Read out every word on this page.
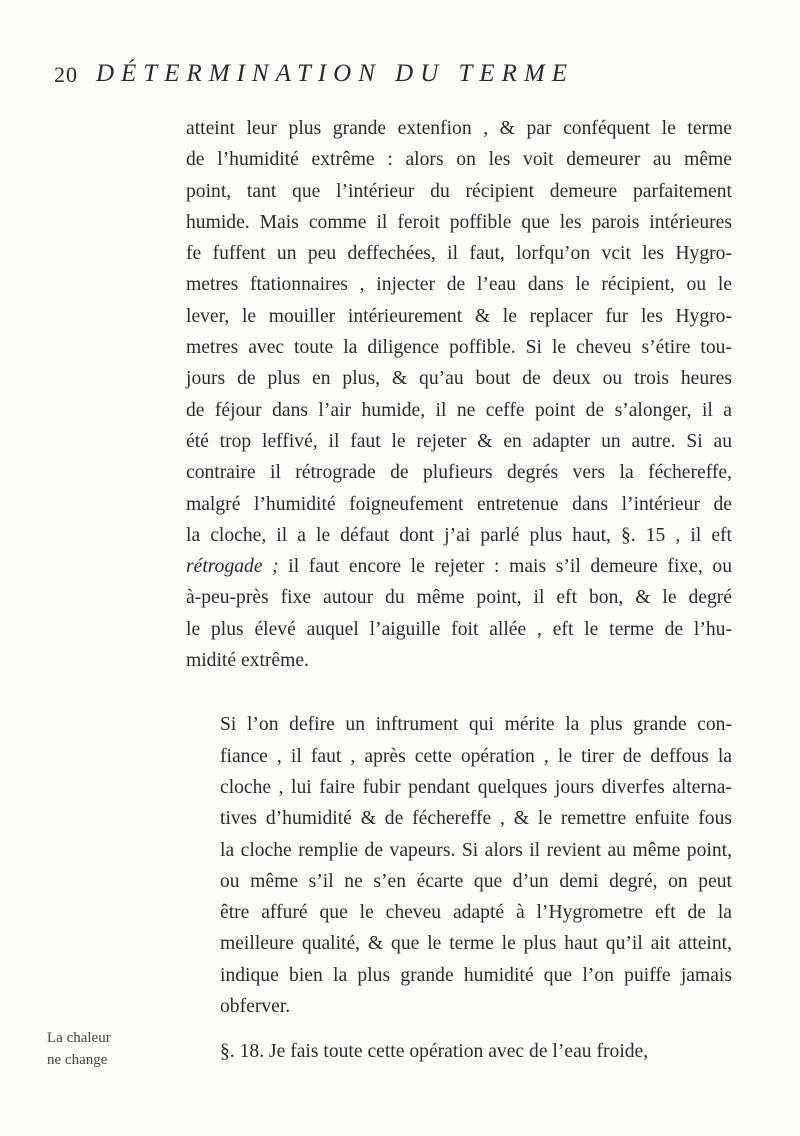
20 DÉTERMINATION DU TERME

atteint leur plus grande extenfion , & par conféquent le terme
de l’humidité extrême : alors on les voit demeurer au même
point, tant que l’intérieur du récipient demeure parfaitement
humide. Mais comme il feroit poffible que les parois intérieures
fe fuffent un peu deffechées, il faut, lorfqu’on vcit les Hygro-
metres ftationnaires , injecter de l’eau dans le récipient, ou le
lever, le mouiller intérieurement & le replacer fur les Hygro-
metres avec toute la diligence poffible. Si le cheveu s’étire tou-
jours de plus en plus, & qu’au bout de deux ou trois heures
de féjour dans l’air humide, il ne ceffe point de s’alonger, il a
été trop leffivé, il faut le rejeter & en adapter un autre. Si au
contraire il rétrograde de plufieurs degrés vers la féchereffe,
malgré l’humidité foigneufement entretenue dans l’intérieur de
la cloche, il a le défaut dont j’ai parlé plus haut, §. 15 , il eft
rétrogade ; il faut encore le rejeter : mais s’il demeure fixe, ou
à-peu-près fixe autour du même point, il eft bon, & le degré
le plus élevé auquel l’aiguille foit allée , eft le terme de l’hu-
midité extrême.

Si l’on defire un inftrument qui mérite la plus grande con-
fiance , il faut , après cette opération , le tirer de deffous la
cloche , lui faire fubir pendant quelques jours diverfes alterna-
tives d’humidité & de féchereffe , & le remettre enfuite fous
la cloche remplie de vapeurs. Si alors il revient au même point,
ou même s’il ne s’en écarte que d’un demi degré, on peut
être affuré que le cheveu adapté à l’Hygrometre eft de la
meilleure qualité, & que le terme le plus haut qu’il ait atteint,
indique bien la plus grande humidité que l’on puiffe jamais
obferver.

§. 18. Je fais toute cette opération avec de l’eau froide,

La chaleur
ne change
